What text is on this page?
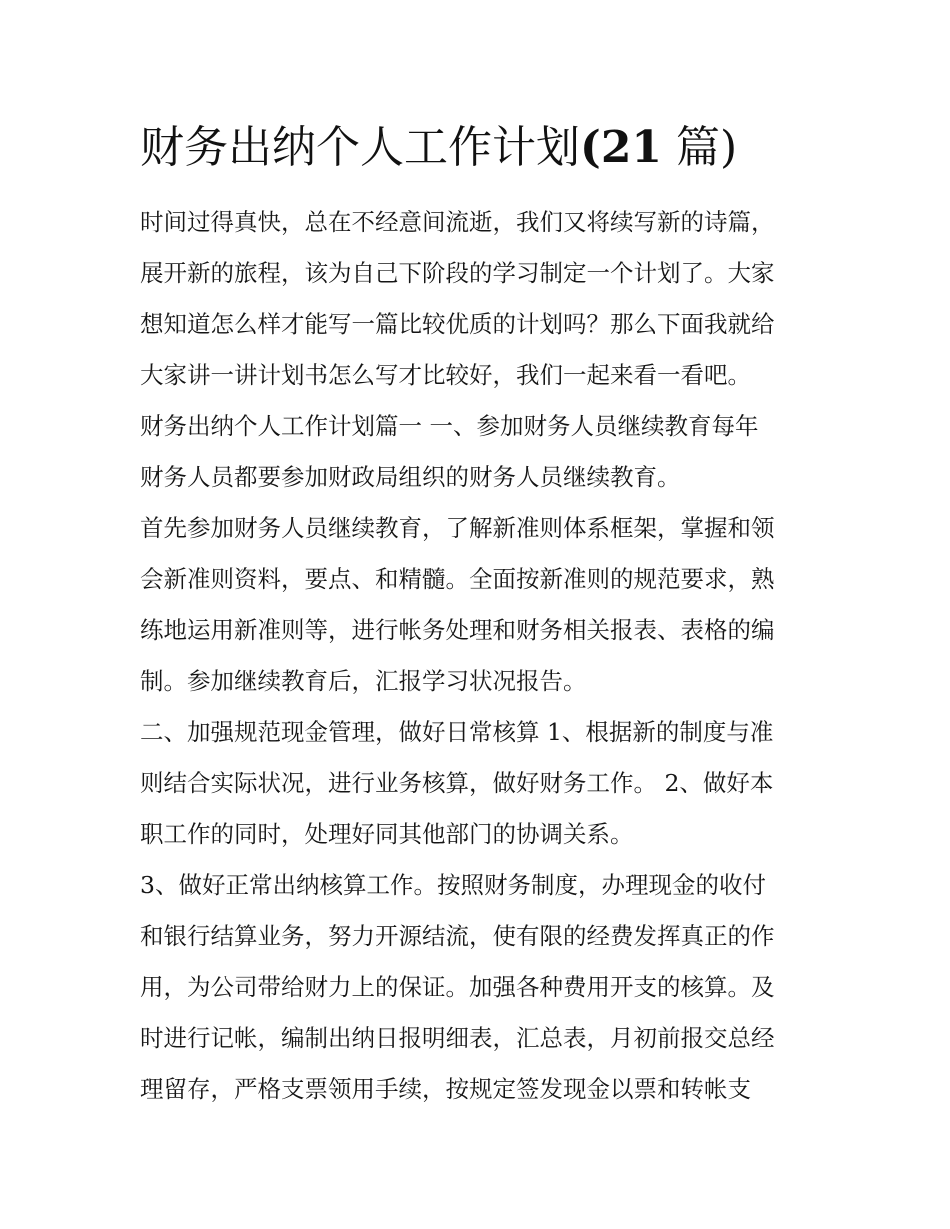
财务出纳个人工作计划(21 篇)
时间过得真快，总在不经意间流逝，我们又将续写新的诗篇，
展开新的旅程，该为自己下阶段的学习制定一个计划了。大家
想知道怎么样才能写一篇比较优质的计划吗？那么下面我就给
大家讲一讲计划书怎么写才比较好，我们一起来看一看吧。
财务出纳个人工作计划篇一 一、参加财务人员继续教育每年
财务人员都要参加财政局组织的财务人员继续教育。
首先参加财务人员继续教育，了解新准则体系框架，掌握和领
会新准则资料，要点、和精髓。全面按新准则的规范要求，熟
练地运用新准则等，进行帐务处理和财务相关报表、表格的编
制。参加继续教育后，汇报学习状况报告。
二、加强规范现金管理，做好日常核算 1、根据新的制度与准
则结合实际状况，进行业务核算，做好财务工作。 2、做好本
职工作的同时，处理好同其他部门的协调关系。
3、做好正常出纳核算工作。按照财务制度，办理现金的收付
和银行结算业务，努力开源结流，使有限的经费发挥真正的作
用，为公司带给财力上的保证。加强各种费用开支的核算。及
时进行记帐，编制出纳日报明细表，汇总表，月初前报交总经
理留存，严格支票领用手续，按规定签发现金以票和转帐支
